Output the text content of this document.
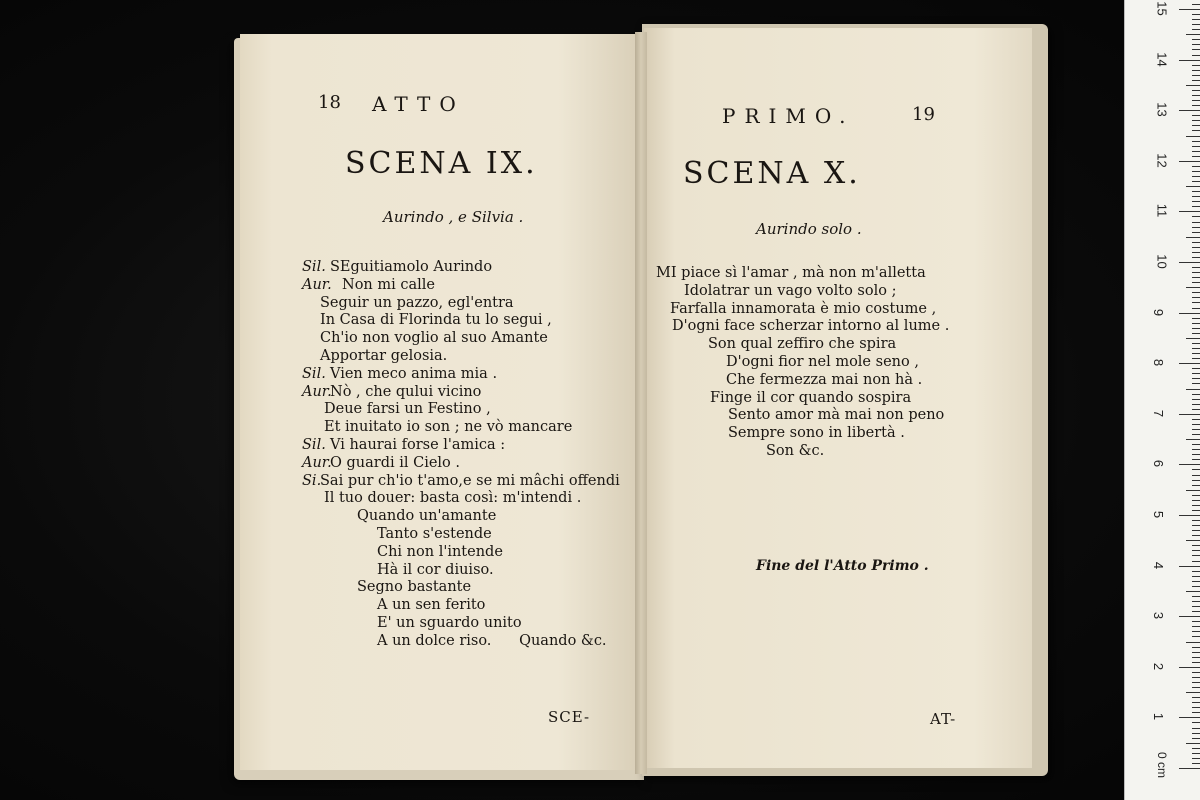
18 ATTO
SCENA IX.
Aurindo , e Silvia .
Sil. SEguitiamolo Aurindo
Aur. Non mi calle
Seguir un pazzo, egl'entra
In Casa di Florinda tu lo segui ,
Ch'io non voglio al suo Amante
Apportar gelosia.
Sil. Vien meco anima mia .
Aur.Nò , che qului vicino
Deue farsi un Festino ,
Et inuitato io son ; ne vò mancare
Sil. Vi haurai forse l'amica :
Aur.O guardi il Cielo .
Si.Sai pur ch'io t'amo,e se mi mâchi offendi
Il tuo douer: basta così: m'intendi .
Quando un'amante
Tanto s'estende
Chi non l'intende
Hà il cor diuiso.
Segno bastante
A un sen ferito
E' un sguardo unito
A un dolce riso.      Quando &c.
SCE-
PRIMO.	19
SCENA X.
Aurindo solo .
MI piace sì l'amar , mà non m'alletta
Idolatrar un vago volto solo ;
Farfalla innamorata è mio costume ,
D'ogni face scherzar intorno al lume .
Son qual zeffiro che spira
D'ogni fior nel mole seno ,
Che fermezza mai non hà .
Finge il cor quando sospira
Sento amor mà mai non peno
Sempre sono in libertà .
Son &c.
Fine del l'Atto Primo .
AT-
15
14
13
12
11
10
9
8
7
6
5
4
3
2
1
0 cm
